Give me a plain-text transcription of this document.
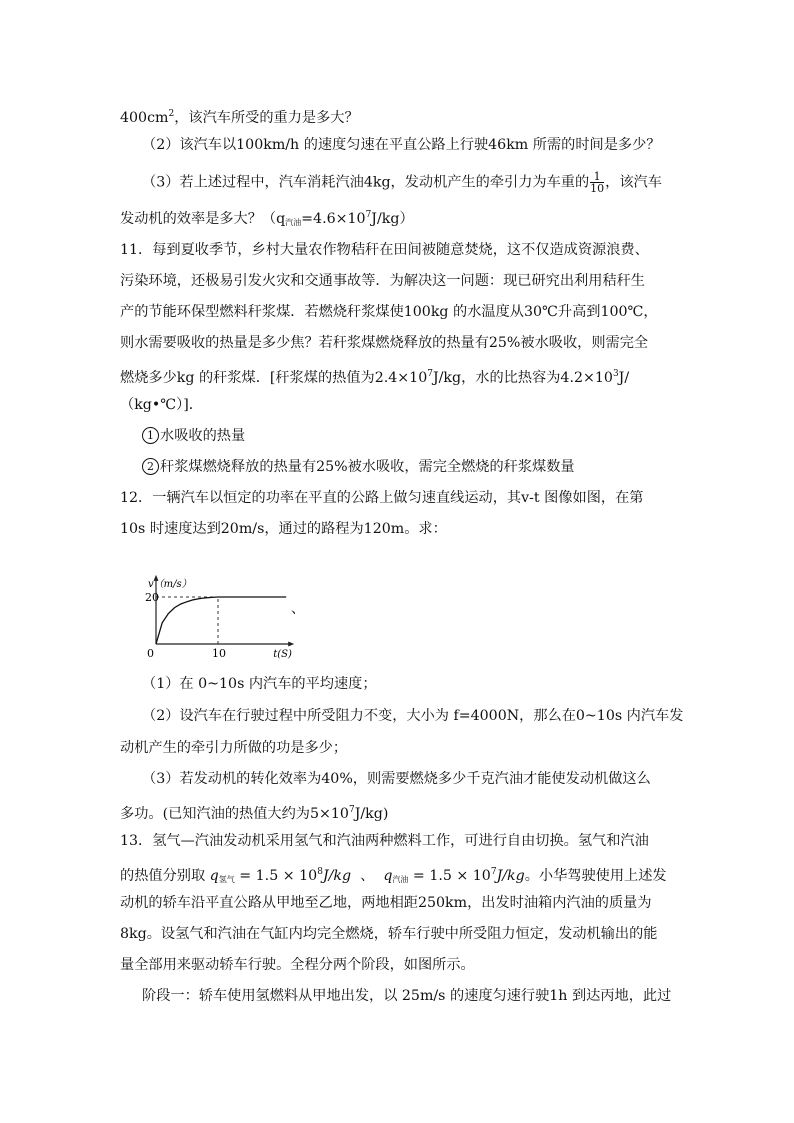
$400cm^2$，该汽车所受的重力是多大？
（2）该汽车以100km/h 的速度匀速在平直公路上行驶46km 所需的时间是多少？
（3）若上述过程中，汽车消耗汽油4kg，发动机产生的牵引力为车重的 $\frac{1}{10}$ ，该汽车
发动机的效率是多大？$(q_{汽油}=4.6\times 10^7J/kg)$
11．每到夏收季节，乡村大量农作物秸秆在田间被随意焚烧，这不仅造成资源浪费、
污染环境，还极易引发火灾和交通事故等．为解决这一问题：现已研究出利用秸秆生
产的节能环保型燃料秆浆煤．若燃烧秆浆煤使100kg 的水温度从30℃升高到100℃，
则水需要吸收的热量是多少焦？若秆浆煤燃烧释放的热量有25%被水吸收，则需完全
燃烧多少kg 的秆浆煤．[秆浆煤的热值为$2.4\times 10^7J/kg$，水的比热容为$4.2\times 10^3J/$
（kg•℃）]．
1 水吸收的热量
2 秆浆煤燃烧释放的热量有25%被水吸收，需完全燃烧的秆浆煤数量
12．一辆汽车以恒定的功率在平直的公路上做匀速直线运动，其v-t 图像如图，在第
10s 时速度达到20m/s，通过的路程为120m。求：
v（m/s）
20
0	10	t(S)
、
（1）在 0~10s 内汽车的平均速度；
（2）设汽车在行驶过程中所受阻力不变，大小为 f=4000N，那么在0~10s 内汽车发
动机产生的牵引力所做的功是多少；
（3）若发动机的转化效率为40%，则需要燃烧多少千克汽油才能使发动机做这么
多功。(已知汽油的热值大约为$5\times 10^7J/kg$)
13．氢气—汽油发动机采用氢气和汽油两种燃料工作，可进行自由切换。氢气和汽油
的热值分别取 $q_{氢气} = 1.5 \times 10^8J/kg$  、  $q_{汽油} = 1.5 \times 10^7J/kg$。小华驾驶使用上述发
动机的轿车沿平直公路从甲地至乙地，两地相距250km，出发时油箱内汽油的质量为
8kg。设氢气和汽油在气缸内均完全燃烧，轿车行驶中所受阻力恒定，发动机输出的能
量全部用来驱动轿车行驶。全程分两个阶段，如图所示。
阶段一：轿车使用氢燃料从甲地出发，以 25m/s 的速度匀速行驶1h 到达丙地，此过
